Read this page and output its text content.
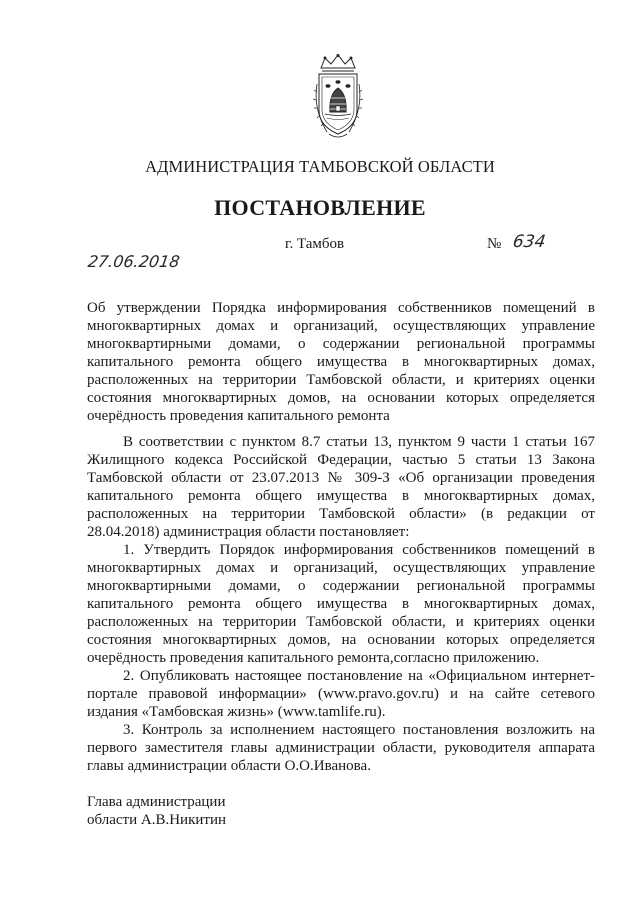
АДМИНИСТРАЦИЯ ТАМБОВСКОЙ ОБЛАСТИ
ПОСТАНОВЛЕНИЕ
27.06.2018
г. Тамбов	№ 634
Об утверждении Порядка информирования собственников помещений в многоквартирных домах и организаций, осуществляющих управление многоквартирными домами, о содержании региональной программы капитального ремонта общего имущества в многоквартирных домах, расположенных на территории Тамбовской области, и критериях оценки состояния многоквартирных домов, на основании которых определяется очерёдность проведения капитального ремонта

В соответствии с пунктом 8.7 статьи 13, пунктом 9 части 1 статьи 167 Жилищного кодекса Российской Федерации, частью 5 статьи 13 Закона Тамбовской области от 23.07.2013 № 309-З «Об организации проведения капитального ремонта общего имущества в многоквартирных домах, расположенных на территории Тамбовской области» (в редакции от 28.04.2018) администрация области постановляет:

1. Утвердить Порядок информирования собственников помещений в многоквартирных домах и организаций, осуществляющих управление многоквартирными домами, о содержании региональной программы капитального ремонта общего имущества в многоквартирных домах, расположенных на территории Тамбовской области, и критериях оценки состояния многоквартирных домов, на основании которых определяется очерёдность проведения капитального ремонта,согласно приложению.

2. Опубликовать настоящее постановление на «Официальном интернет-портале правовой информации» (www.pravo.gov.ru) и на сайте сетевого издания «Тамбовская жизнь» (www.tamlife.ru).

3. Контроль за исполнением настоящего постановления возложить на первого заместителя главы администрации области, руководителя аппарата главы администрации области О.О.Иванова.

Глава администрации
области А.В.Никитин
